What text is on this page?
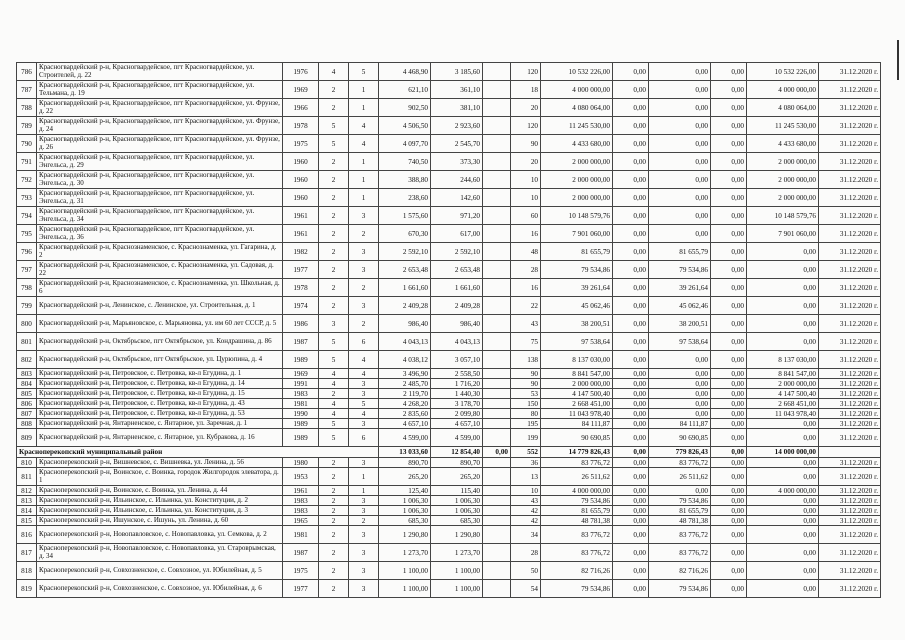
786	Красногвардейский р-н, Красногвардейское, пгт Красногвардейское, ул. Строителей, д. 22	1976	4	5	4 468,90	3 185,60		120	10 532 226,00	0,00	0,00	0,00	10 532 226,00	31.12.2020 г.
787	Красногвардейский р-н, Красногвардейское, пгт Красногвардейское, ул. Тельмана, д. 19	1969	2	1	621,10	361,10		18	4 000 000,00	0,00	0,00	0,00	4 000 000,00	31.12.2020 г.
788	Красногвардейский р-н, Красногвардейское, пгт Красногвардейское, ул. Фрунзе, д. 22	1966	2	1	902,50	381,10		20	4 080 064,00	0,00	0,00	0,00	4 080 064,00	31.12.2020 г.
789	Красногвардейский р-н, Красногвардейское, пгт Красногвардейское, ул. Фрунзе, д. 24	1978	5	4	4 506,50	2 923,60		120	11 245 530,00	0,00	0,00	0,00	11 245 530,00	31.12.2020 г.
790	Красногвардейский р-н, Красногвардейское, пгт Красногвардейское, ул. Фрунзе, д. 26	1975	5	4	4 097,70	2 545,70		90	4 433 680,00	0,00	0,00	0,00	4 433 680,00	31.12.2020 г.
791	Красногвардейский р-н, Красногвардейское, пгт Красногвардейское, ул. Энгельса, д. 29	1960	2	1	740,50	373,30		20	2 000 000,00	0,00	0,00	0,00	2 000 000,00	31.12.2020 г.
792	Красногвардейский р-н, Красногвардейское, пгт Красногвардейское, ул. Энгельса, д. 30	1960	2	1	388,80	244,60		10	2 000 000,00	0,00	0,00	0,00	2 000 000,00	31.12.2020 г.
793	Красногвардейский р-н, Красногвардейское, пгт Красногвардейское, ул. Энгельса, д. 31	1960	2	1	238,60	142,60		10	2 000 000,00	0,00	0,00	0,00	2 000 000,00	31.12.2020 г.
794	Красногвардейский р-н, Красногвардейское, пгт Красногвардейское, ул. Энгельса, д. 34	1961	2	3	1 575,60	971,20		60	10 148 579,76	0,00	0,00	0,00	10 148 579,76	31.12.2020 г.
795	Красногвардейский р-н, Красногвардейское, пгт Красногвардейское, ул. Энгельса, д. 36	1961	2	2	670,30	617,00		16	7 901 060,00	0,00	0,00	0,00	7 901 060,00	31.12.2020 г.
796	Красногвардейский р-н, Краснознаменское, с. Краснознаменка, ул. Гагарина, д. 2	1982	2	3	2 592,10	2 592,10		48	81 655,79	0,00	81 655,79	0,00	0,00	31.12.2020 г.
797	Красногвардейский р-н, Краснознаменское, с. Краснознаменка, ул. Садовая, д. 22	1977	2	3	2 653,48	2 653,48		28	79 534,86	0,00	79 534,86	0,00	0,00	31.12.2020 г.
798	Красногвардейский р-н, Краснознаменское, с. Краснознаменка, ул. Школьная, д. 6	1978	2	2	1 661,60	1 661,60		16	39 261,64	0,00	39 261,64	0,00	0,00	31.12.2020 г.
799	Красногвардейский р-н, Ленинское, с. Ленинское, ул. Строительная, д. 1	1974	2	3	2 409,28	2 409,28		22	45 062,46	0,00	45 062,46	0,00	0,00	31.12.2020 г.
800	Красногвардейский р-н, Марьяновское, с. Марьяновка, ул. им 60 лет СССР, д. 5	1986	3	2	986,40	986,40		43	38 200,51	0,00	38 200,51	0,00	0,00	31.12.2020 г.
801	Красногвардейский р-н, Октябрьское, пгт Октябрьское, ул. Кондрашина, д. 86	1987	5	6	4 043,13	4 043,13		75	97 538,64	0,00	97 538,64	0,00	0,00	31.12.2020 г.
802	Красногвардейский р-н, Октябрьское, пгт Октябрьское, ул. Цурюпина, д. 4	1989	5	4	4 038,12	3 057,10		138	8 137 030,00	0,00	0,00	0,00	8 137 030,00	31.12.2020 г.
803	Красногвардейский р-н, Петровское, с. Петровка, кв-л Егудина, д. 1	1969	4	4	3 496,90	2 558,50		90	8 841 547,00	0,00	0,00	0,00	8 841 547,00	31.12.2020 г.
804	Красногвардейский р-н, Петровское, с. Петровка, кв-л Егудина, д. 14	1991	4	3	2 485,70	1 716,20		90	2 000 000,00	0,00	0,00	0,00	2 000 000,00	31.12.2020 г.
805	Красногвардейский р-н, Петровское, с. Петровка, кв-л Егудина, д. 15	1983	2	3	2 119,70	1 440,30		53	4 147 500,40	0,00	0,00	0,00	4 147 500,40	31.12.2020 г.
806	Красногвардейский р-н, Петровское, с. Петровка, кв-л Егудина, д. 43	1981	4	5	4 268,20	3 178,70		150	2 668 451,00	0,00	0,00	0,00	2 668 451,00	31.12.2020 г.
807	Красногвардейский р-н, Петровское, с. Петровка, кв-л Егудина, д. 53	1990	4	4	2 835,60	2 099,80		80	11 043 978,40	0,00	0,00	0,00	11 043 978,40	31.12.2020 г.
808	Красногвардейский р-н, Янтарненское, с. Янтарное, ул. Заречная, д. 1	1989	5	3	4 657,10	4 657,10		195	84 111,87	0,00	84 111,87	0,00	0,00	31.12.2020 г.
809	Красногвардейский р-н, Янтарненское, с. Янтарное, ул. Кубракова, д. 16	1989	5	6	4 599,00	4 599,00		199	90 690,85	0,00	90 690,85	0,00	0,00	31.12.2020 г.
Красноперекопский муниципальный район					13 033,60	12 854,40	0,00	552	14 779 826,43	0,00	779 826,43	0,00	14 000 000,00	
810	Красноперекопский р-н, Вишневское, с. Вишневка, ул. Ленина, д. 56	1980	2	3	890,70	890,70		36	83 776,72	0,00	83 776,72	0,00	0,00	31.12.2020 г.
811	Красноперекопский р-н, Воинское, с. Воинка, городок Жилгородок элеватора, д. 1	1953	2	1	265,20	265,20		13	26 511,62	0,00	26 511,62	0,00	0,00	31.12.2020 г.
812	Красноперекопский р-н, Воинское, с. Воинка, ул. Ленина, д. 44	1961	2	1	125,40	115,40		10	4 000 000,00	0,00	0,00	0,00	4 000 000,00	31.12.2020 г.
813	Красноперекопский р-н, Ильинское, с. Ильинка, ул. Конституции, д. 2	1983	2	3	1 006,30	1 006,30		43	79 534,86	0,00	79 534,86	0,00	0,00	31.12.2020 г.
814	Красноперекопский р-н, Ильинское, с. Ильинка, ул. Конституции, д. 3	1983	2	3	1 006,30	1 006,30		42	81 655,79	0,00	81 655,79	0,00	0,00	31.12.2020 г.
815	Красноперекопский р-н, Ишунское, с. Ишунь, ул. Ленина, д. 60	1965	2	2	685,30	685,30		42	48 781,38	0,00	48 781,38	0,00	0,00	31.12.2020 г.
816	Красноперекопский р-н, Новопавловское, с. Новопавловка, ул. Семкова, д. 2	1981	2	3	1 290,80	1 290,80		34	83 776,72	0,00	83 776,72	0,00	0,00	31.12.2020 г.
817	Красноперекопский р-н, Новопавловское, с. Новопавловка, ул. Староврымская, д. 34	1987	2	3	1 273,70	1 273,70		28	83 776,72	0,00	83 776,72	0,00	0,00	31.12.2020 г.
818	Красноперекопский р-н, Совхозненское, с. Совхозное, ул. Юбилейная, д. 5	1975	2	3	1 100,00	1 100,00		50	82 716,26	0,00	82 716,26	0,00	0,00	31.12.2020 г.
819	Красноперекопский р-н, Совхозненское, с. Совхозное, ул. Юбилейная, д. 6	1977	2	3	1 100,00	1 100,00		54	79 534,86	0,00	79 534,86	0,00	0,00	31.12.2020 г.
